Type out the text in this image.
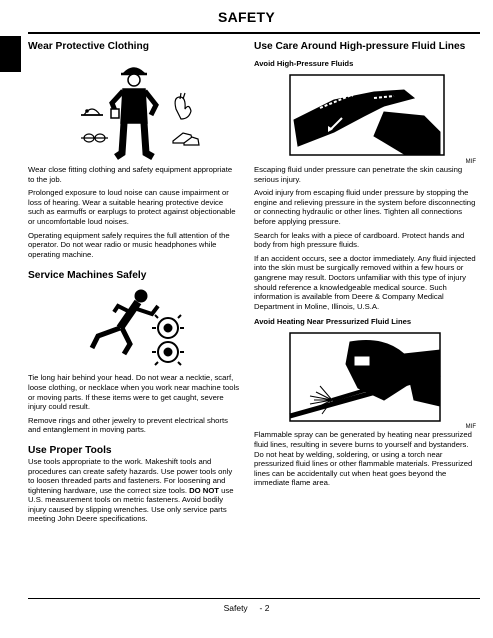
SAFETY
Wear Protective Clothing

Wear close fitting clothing and safety equipment appropriate to the job.

Prolonged exposure to loud noise can cause impairment or loss of hearing. Wear a suitable hearing protective device such as earmuffs or earplugs to protect against objectionable or uncomfortable loud noises.

Operating equipment safely requires the full attention of the operator. Do not wear radio or music headphones while operating machine.

Service Machines Safely

Tie long hair behind your head. Do not wear a necktie, scarf, loose clothing, or necklace when you work near machine tools or moving parts. If these items were to get caught, severe injury could result.

Remove rings and other jewelry to prevent electrical shorts and entanglement in moving parts.

Use Proper Tools

Use tools appropriate to the work. Makeshift tools and procedures can create safety hazards. Use power tools only to loosen threaded parts and fasteners. For loosening and tightening hardware, use the correct size tools. DO NOT use U.S. measurement tools on metric fasteners. Avoid bodily injury caused by slipping wrenches. Use only service parts meeting John Deere specifications.

Use Care Around High-pressure Fluid Lines
Avoid High-Pressure Fluids
MIF

Escaping fluid under pressure can penetrate the skin causing serious injury.

Avoid injury from escaping fluid under pressure by stopping the engine and relieving pressure in the system before disconnecting or connecting hydraulic or other lines. Tighten all connections before applying pressure.

Search for leaks with a piece of cardboard. Protect hands and body from high pressure fluids.

If an accident occurs, see a doctor immediately. Any fluid injected into the skin must be surgically removed within a few hours or gangrene may result. Doctors unfamiliar with this type of injury should reference a knowledgeable medical source. Such information is available from Deere & Company Medical Department in Moline, Illinois, U.S.A.

Avoid Heating Near Pressurized Fluid Lines
MIF

Flammable spray can be generated by heating near pressurized fluid lines, resulting in severe burns to yourself and bystanders. Do not heat by welding, soldering, or using a torch near pressurized fluid lines or other flammable materials. Pressurized lines can be accidentally cut when heat goes beyond the immediate flame area.

Safety - 2
